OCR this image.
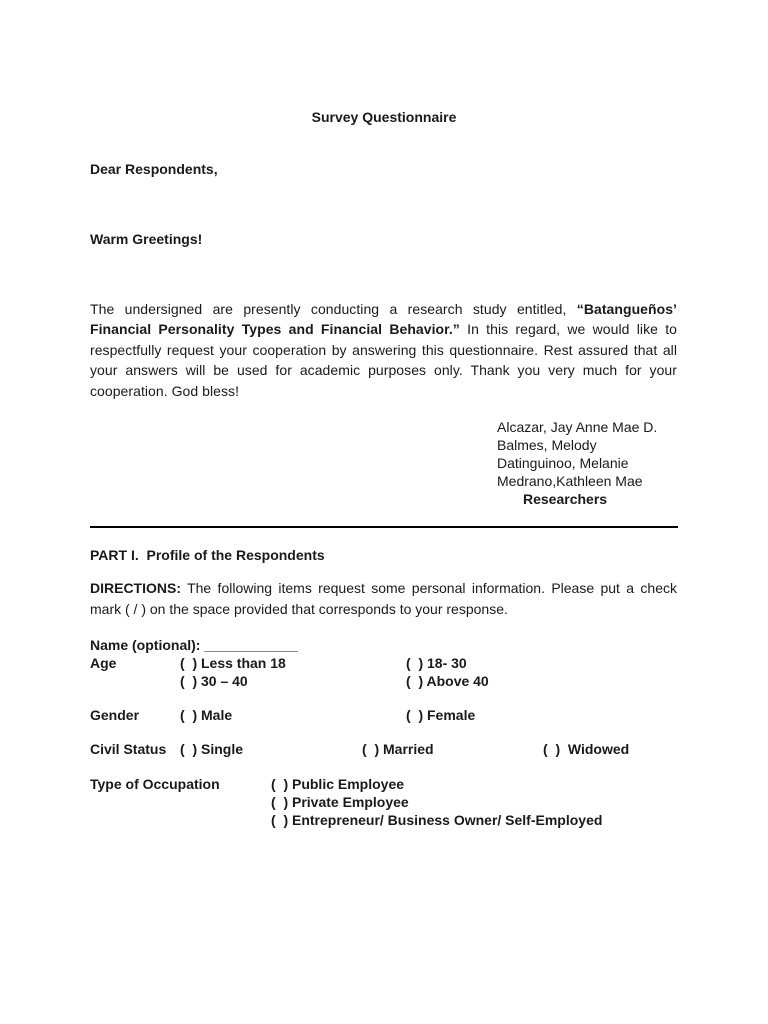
Survey Questionnaire
Dear Respondents,
Warm Greetings!
The undersigned are presently conducting a research study entitled, “Batangueños’ Financial Personality Types and Financial Behavior.” In this regard, we would like to respectfully request your cooperation by answering this questionnaire. Rest assured that all your answers will be used for academic purposes only. Thank you very much for your cooperation. God bless!
Alcazar, Jay Anne Mae D.
Balmes, Melody
Datinguinoo, Melanie
Medrano,Kathleen Mae
Researchers
PART I.  Profile of the Respondents
DIRECTIONS: The following items request some personal information. Please put a check mark ( / ) on the space provided that corresponds to your response.
Name (optional): ____________
Age	(  ) Less than 18	(  ) 18- 30
(  ) 30 – 40	(  ) Above 40
Gender	(  ) Male	(  ) Female
Civil Status (  ) Single	(  ) Married	(  )  Widowed
Type of Occupation	(  ) Public Employee
(  ) Private Employee
(  ) Entrepreneur/ Business Owner/ Self-Employed
